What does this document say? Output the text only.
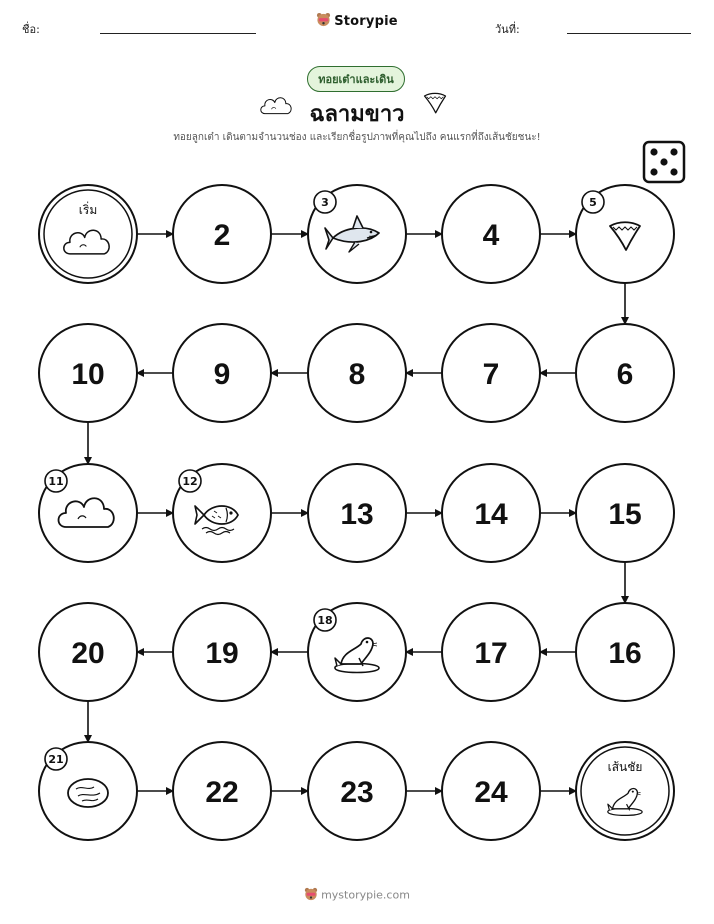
ชื่อ:
Storypie
วันที่:
ทอยเต๋าและเดิน
ฉลามขาว
ทอยลูกเต๋า เดินตามจำนวนช่อง และเรียกชื่อรูปภาพที่คุณไปถึง คนแรกที่ถึงเส้นชัยชนะ!
เริ่ม
2
3
4
5
6
7
8
9
10
11	12
13	14	15
16
17
18
19
20
21
22	23	24
เส้นชัย
mystorypie.com
